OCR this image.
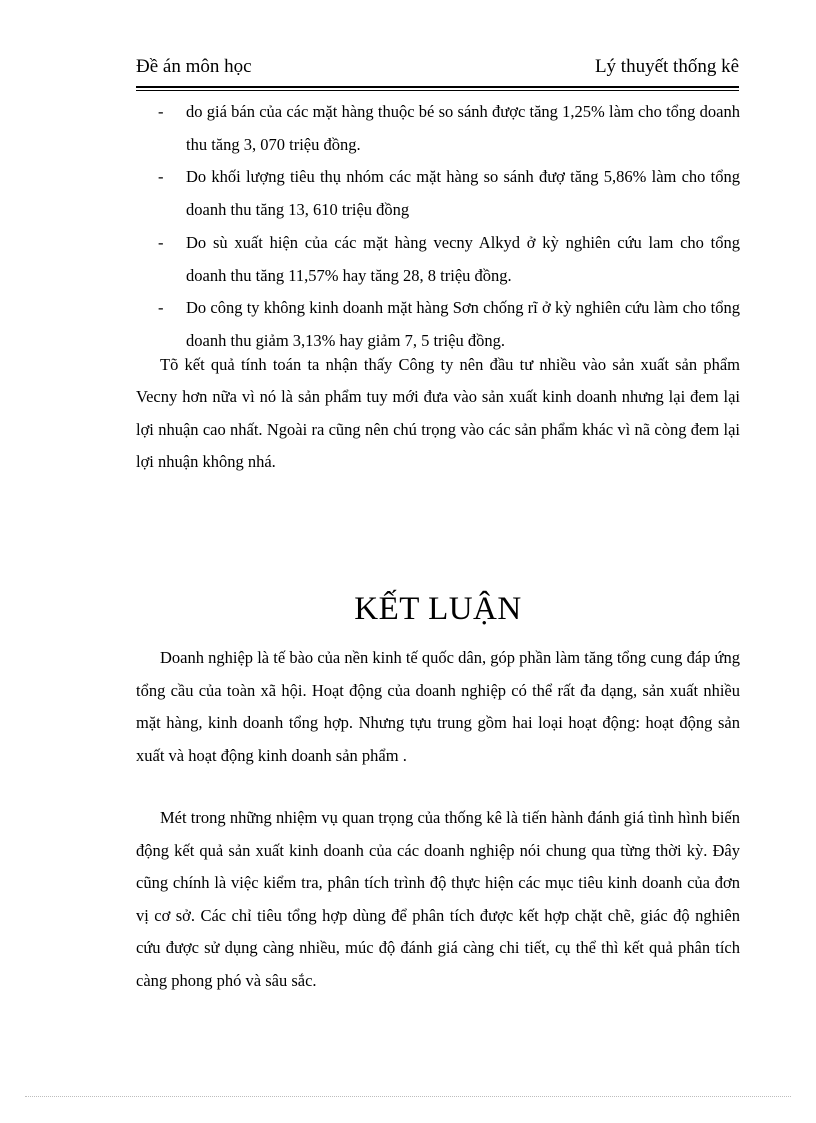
Đề án môn học	Lý thuyết thống kê
- do giá bán của các mặt hàng thuộc bé so sánh được tăng 1,25% làm cho tổng doanh thu tăng 3, 070 triệu đồng.
- Do khối lượng tiêu thụ nhóm các mặt hàng so sánh đượ tăng 5,86% làm cho tổng doanh thu tăng 13, 610 triệu đồng
- Do sù xuất hiện của các mặt hàng vecny Alkyd ở kỳ nghiên cứu lam cho tổng doanh thu tăng 11,57% hay tăng 28, 8 triệu đồng.
- Do công ty không kinh doanh mặt hàng Sơn chống rĩ ở kỳ nghiên cứu làm cho tổng doanh thu giảm 3,13% hay giảm 7, 5 triệu đồng.
Tõ kết quả tính toán ta nhận thấy Công ty nên đầu tư nhiều vào sản xuất sản phẩm Vecny hơn nữa vì nó là sản phẩm tuy mới đưa vào sản xuất kinh doanh nhưng lại đem lại lợi nhuận cao nhất. Ngoài ra cũng nên chú trọng vào các sản phẩm khác vì nã còng đem lại lợi nhuận không nhá.
KẾT LUẬN
Doanh nghiệp là tế bào của nền kinh tế quốc dân, góp phần làm tăng tổng cung đáp ứng tổng cầu của toàn xã hội. Hoạt động của doanh nghiệp có thể rất đa dạng, sản xuất nhiều mặt hàng, kinh doanh tổng hợp. Nhưng tựu trung gồm hai loại hoạt động: hoạt động sản xuất và hoạt động kinh doanh sản phẩm .
Mét trong những nhiệm vụ quan trọng của thống kê là tiến hành đánh giá tình hình biến động kết quả sản xuất kinh doanh của các doanh nghiệp nói chung qua từng thời kỳ. Đây cũng chính là việc kiểm tra, phân tích trình độ thực hiện các mục tiêu kinh doanh của đơn vị cơ sở. Các chỉ tiêu tổng hợp dùng để phân tích được kết hợp chặt chẽ, giác độ nghiên cứu được sử dụng càng nhiều, múc độ đánh giá càng chi tiết, cụ thể thì kết quả phân tích càng phong phó và sâu sắc.
